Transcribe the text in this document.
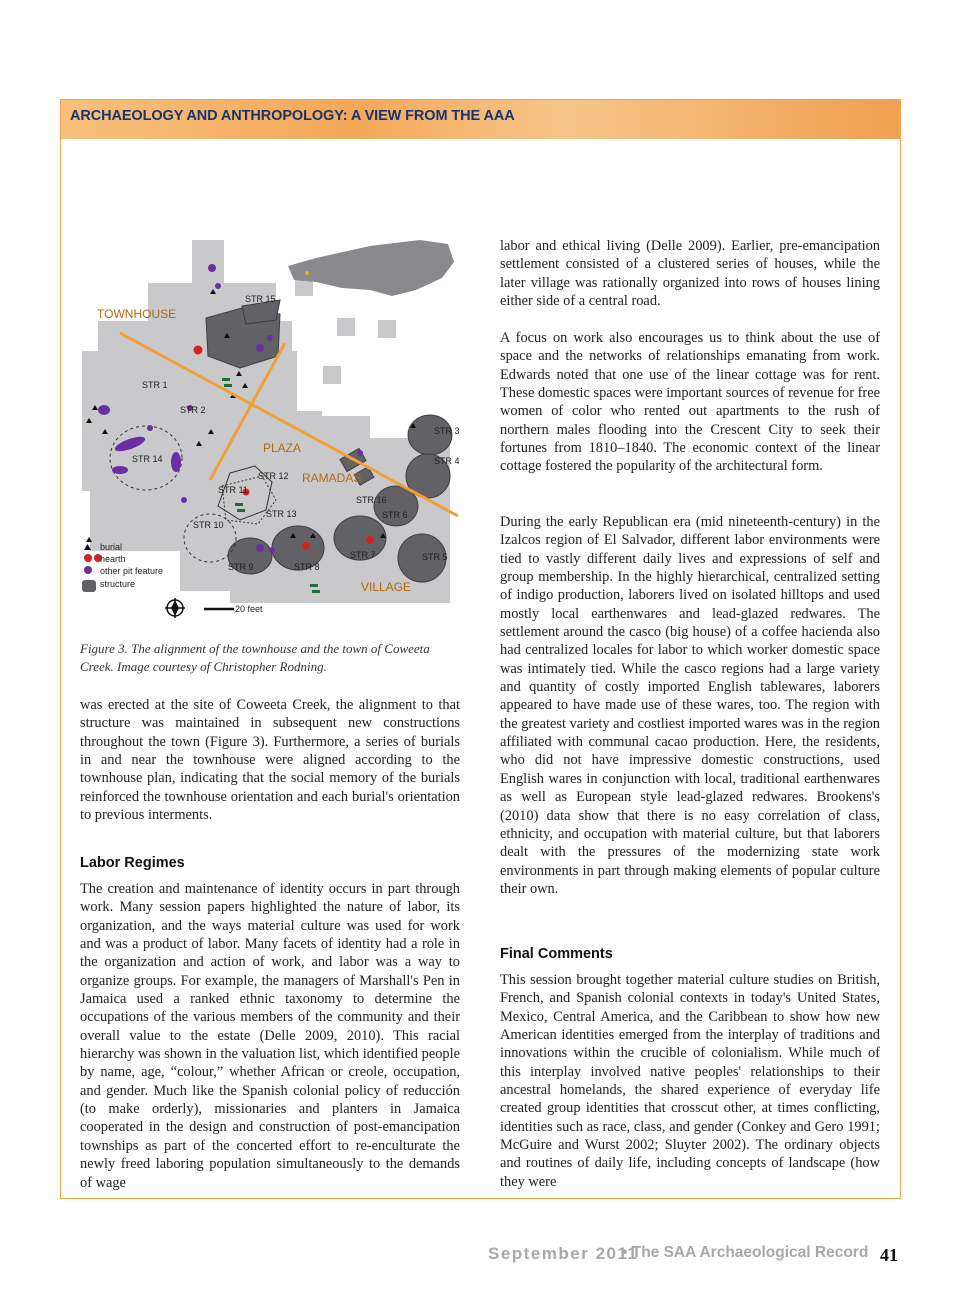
ARCHAEOLOGY AND ANTHROPOLOGY: A VIEW FROM THE AAA
TOWNHOUSE
PLAZA
RAMADAS
VILLAGE
STR 15
STR 1
STR 2
STR 14
STR 12
STR 11
STR 13
STR 10
STR 9	STR 8
STR 7
STR 16
STR 6
STR 5
STR 4
STR 3
burial
hearth
other pit feature
structure
20 feet
Figure 3. The alignment of the townhouse and the town of Coweeta Creek. Image courtesy of Christopher Rodning.

was erected at the site of Coweeta Creek, the alignment to that structure was maintained in subsequent new constructions throughout the town (Figure 3). Furthermore, a series of burials in and near the townhouse were aligned according to the townhouse plan, indicating that the social memory of the burials reinforced the townhouse orientation and each burial's orientation to previous interments.

Labor Regimes

The creation and maintenance of identity occurs in part through work. Many session papers highlighted the nature of labor, its organization, and the ways material culture was used for work and was a product of labor. Many facets of identity had a role in the organization and action of work, and labor was a way to organize groups. For example, the managers of Marshall's Pen in Jamaica used a ranked ethnic taxonomy to determine the occupations of the various members of the community and their overall value to the estate (Delle 2009, 2010). This racial hierarchy was shown in the valuation list, which identified people by name, age, “colour,” whether African or creole, occupation, and gender. Much like the Spanish colonial policy of reducción (to make orderly), missionaries and planters in Jamaica cooperated in the design and construction of post-emancipation townships as part of the concerted effort to re-enculturate the newly freed laboring population simultaneously to the demands of wage

labor and ethical living (Delle 2009). Earlier, pre-emancipation settlement consisted of a clustered series of houses, while the later village was rationally organized into rows of houses lining either side of a central road.

A focus on work also encourages us to think about the use of space and the networks of relationships emanating from work. Edwards noted that one use of the linear cottage was for rent. These domestic spaces were important sources of revenue for free women of color who rented out apartments to the rush of northern males flooding into the Crescent City to seek their fortunes from 1810–1840. The economic context of the linear cottage fostered the popularity of the architectural form.

During the early Republican era (mid nineteenth-century) in the Izalcos region of El Salvador, different labor environments were tied to vastly different daily lives and expressions of self and group membership. In the highly hierarchical, centralized setting of indigo production, laborers lived on isolated hilltops and used mostly local earthenwares and lead-glazed redwares. The settlement around the casco (big house) of a coffee hacienda also had centralized locales for labor to which worker domestic space was intimately tied. While the casco regions had a large variety and quantity of costly imported English tablewares, laborers appeared to have made use of these wares, too. The region with the greatest variety and costliest imported wares was in the region affiliated with communal cacao production. Here, the residents, who did not have impressive domestic constructions, used English wares in conjunction with local, traditional earthenwares as well as European style lead-glazed redwares. Brookens's (2010) data show that there is no easy correlation of class, ethnicity, and occupation with material culture, but that laborers dealt with the pressures of the modernizing state work environments in part through making elements of popular culture their own.

Final Comments

This session brought together material culture studies on British, French, and Spanish colonial contexts in today's United States, Mexico, Central America, and the Caribbean to show how new American identities emerged from the interplay of traditions and innovations within the crucible of colonialism. While much of this interplay involved native peoples' relationships to their ancestral homelands, the shared experience of everyday life created group identities that crosscut other, at times conflicting, identities such as race, class, and gender (Conkey and Gero 1991; McGuire and Wurst 2002; Sluyter 2002). The ordinary objects and routines of daily life, including concepts of landscape (how they were

September 2011
• The SAA Archaeological Record 41
